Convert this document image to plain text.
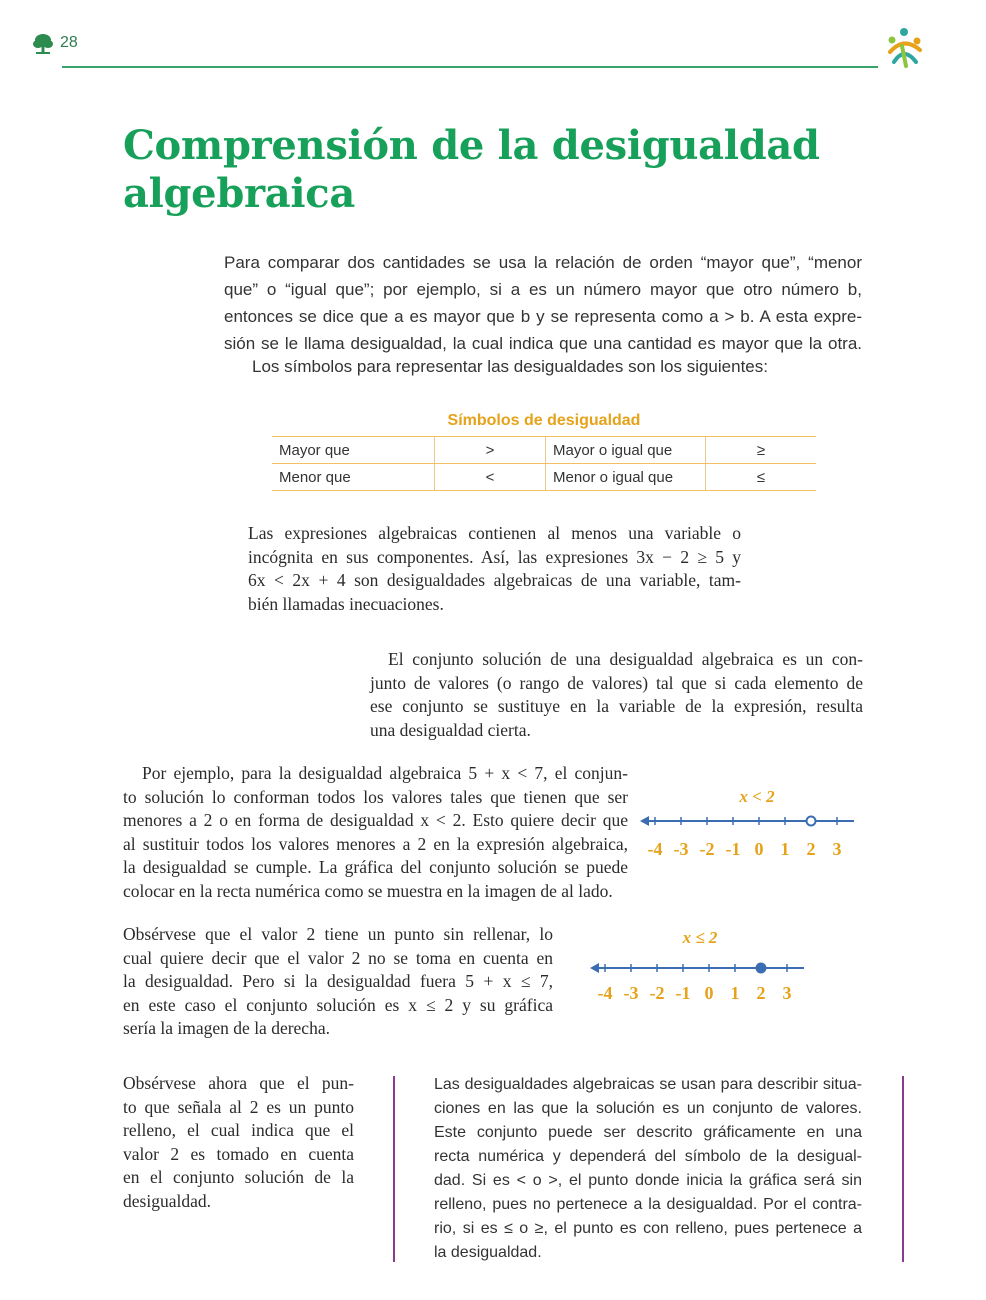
28
Comprensión de la desigualdad
algebraica
Para comparar dos cantidades se usa la relación de orden “mayor que”, “menor
que” o “igual que”; por ejemplo, si a es un número mayor que otro número b,
entonces se dice que a es mayor que b y se representa como a > b. A esta expre-
sión se le llama desigualdad, la cual indica que una cantidad es mayor que la otra.
Los símbolos para representar las desigualdades son los siguientes:
Símbolos de desigualdad
Mayor que	>	Mayor o igual que	≥
Menor que	<	Menor o igual que	≤
Las expresiones algebraicas contienen al menos una variable o
incógnita en sus componentes. Así, las expresiones 3x − 2 ≥ 5 y
6x < 2x + 4 son desigualdades algebraicas de una variable, tam-
bién llamadas inecuaciones.
El conjunto solución de una desigualdad algebraica es un con-
junto de valores (o rango de valores) tal que si cada elemento de
ese conjunto se sustituye en la variable de la expresión, resulta
una desigualdad cierta.
Por ejemplo, para la desigualdad algebraica 5 + x < 7, el conjun-
to solución lo conforman todos los valores tales que tienen que ser
menores a 2 o en forma de desigualdad x < 2. Esto quiere decir que
al sustituir todos los valores menores a 2 en la expresión algebraica,
la desigualdad se cumple. La gráfica del conjunto solución se puede
colocar en la recta numérica como se muestra en la imagen de al lado.
x < 2
-4 -3 -2 -1 0 1 2 3
Obsérvese que el valor 2 tiene un punto sin rellenar, lo
cual quiere decir que el valor 2 no se toma en cuenta en
la desigualdad. Pero si la desigualdad fuera 5 + x ≤ 7,
en este caso el conjunto solución es x ≤ 2 y su gráfica
sería la imagen de la derecha.
x ≤ 2
-4 -3 -2 -1 0 1 2 3
Obsérvese ahora que el pun-
to que señala al 2 es un punto
relleno, el cual indica que el
valor 2 es tomado en cuenta
en el conjunto solución de la
desigualdad.
Las desigualdades algebraicas se usan para describir situa-
ciones en las que la solución es un conjunto de valores.
Este conjunto puede ser descrito gráficamente en una
recta numérica y dependerá del símbolo de la desigual-
dad. Si es < o >, el punto donde inicia la gráfica será sin
relleno, pues no pertenece a la desigualdad. Por el contra-
rio, si es ≤ o ≥, el punto es con relleno, pues pertenece a
la desigualdad.
